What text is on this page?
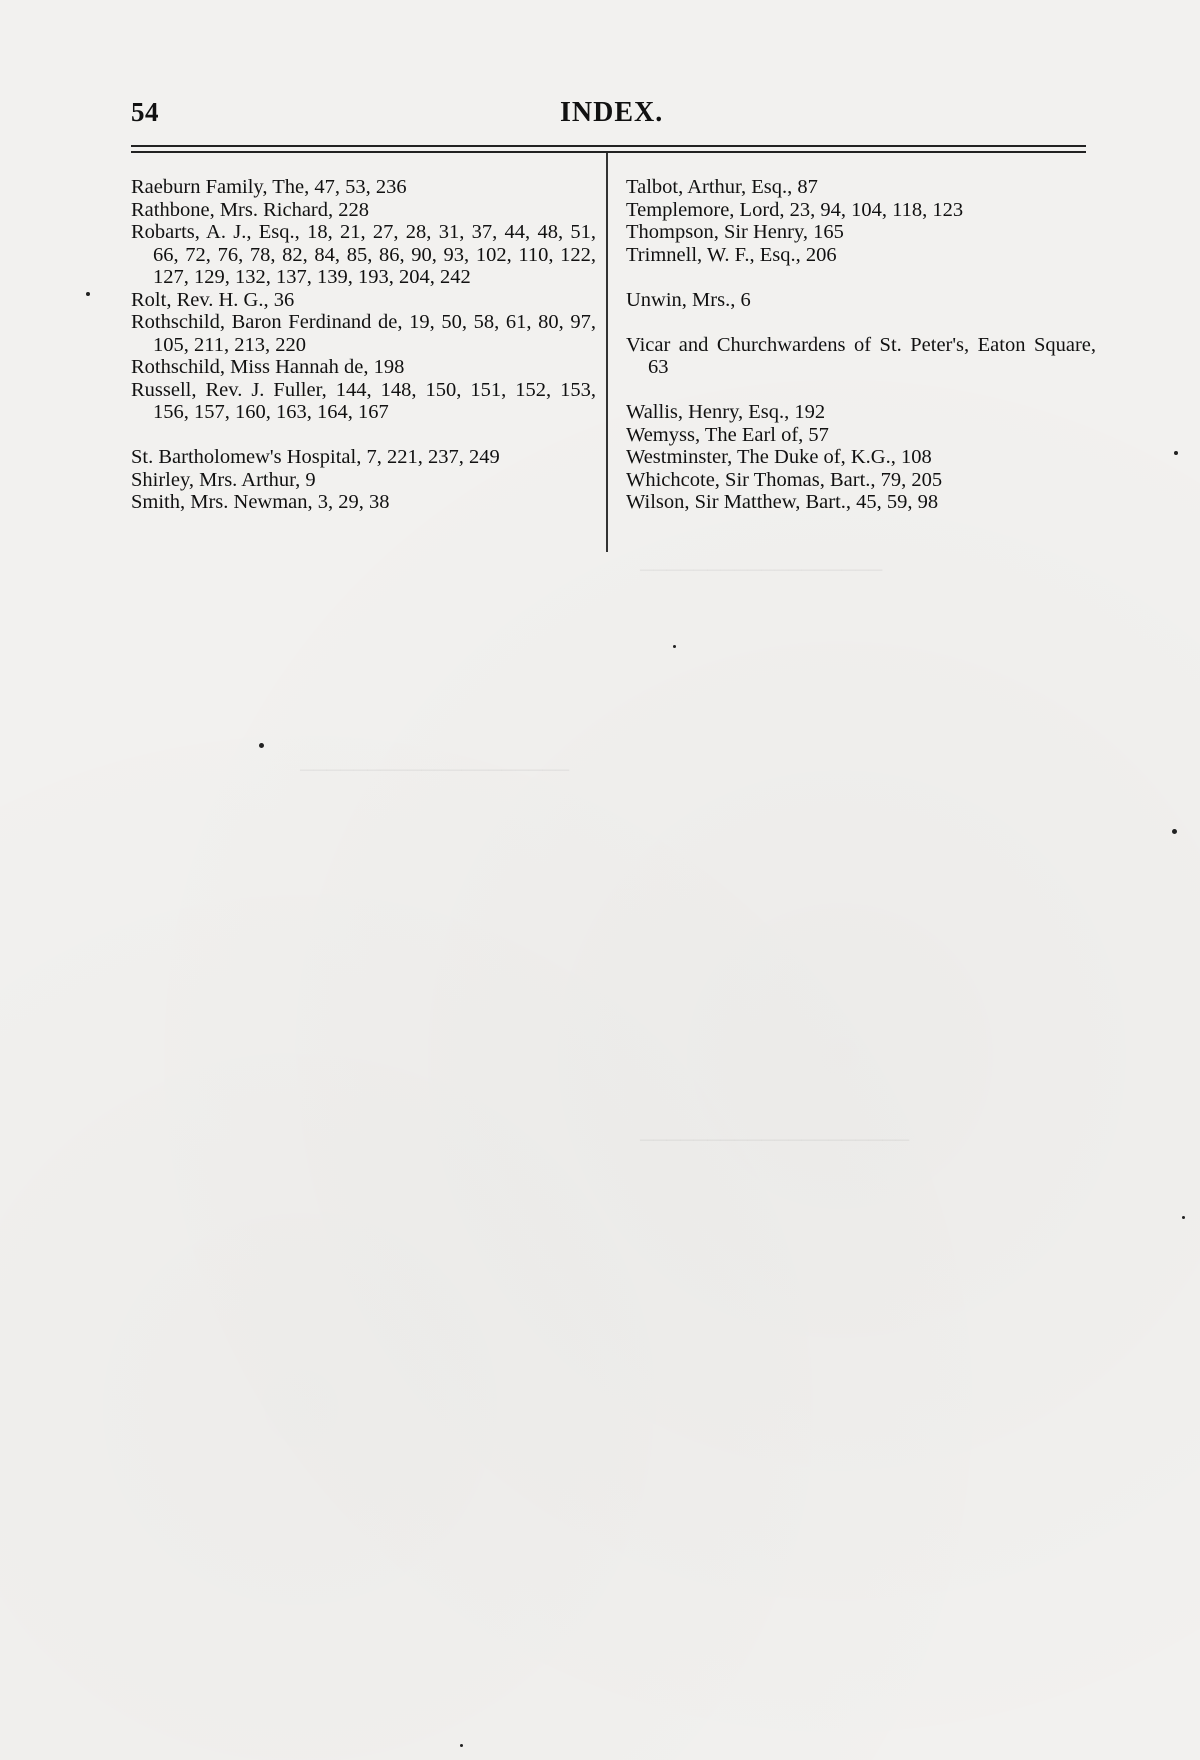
54	INDEX.

Raeburn Family, The, 47, 53, 236

Rathbone, Mrs. Richard, 228

Robarts, A. J., Esq., 18, 21, 27, 28, 31, 37, 44, 48, 51, 66, 72, 76, 78, 82, 84, 85, 86, 90, 93, 102, 110, 122, 127, 129, 132, 137, 139, 193, 204, 242

Rolt, Rev. H. G., 36

Rothschild, Baron Ferdinand de, 19, 50, 58, 61, 80, 97, 105, 211, 213, 220

Rothschild, Miss Hannah de, 198

Russell, Rev. J. Fuller, 144, 148, 150, 151, 152, 153, 156, 157, 160, 163, 164, 167

St. Bartholomew's Hospital, 7, 221, 237, 249

Shirley, Mrs. Arthur, 9

Smith, Mrs. Newman, 3, 29, 38

Talbot, Arthur, Esq., 87

Templemore, Lord, 23, 94, 104, 118, 123

Thompson, Sir Henry, 165

Trimnell, W. F., Esq., 206

Unwin, Mrs., 6

Vicar and Churchwardens of St. Peter's, Eaton Square, 63

Wallis, Henry, Esq., 192

Wemyss, The Earl of, 57

Westminster, The Duke of, K.G., 108

Whichcote, Sir Thomas, Bart., 79, 205

Wilson, Sir Matthew, Bart., 45, 59, 98

──────────────────
────────────────────
────────────────────
